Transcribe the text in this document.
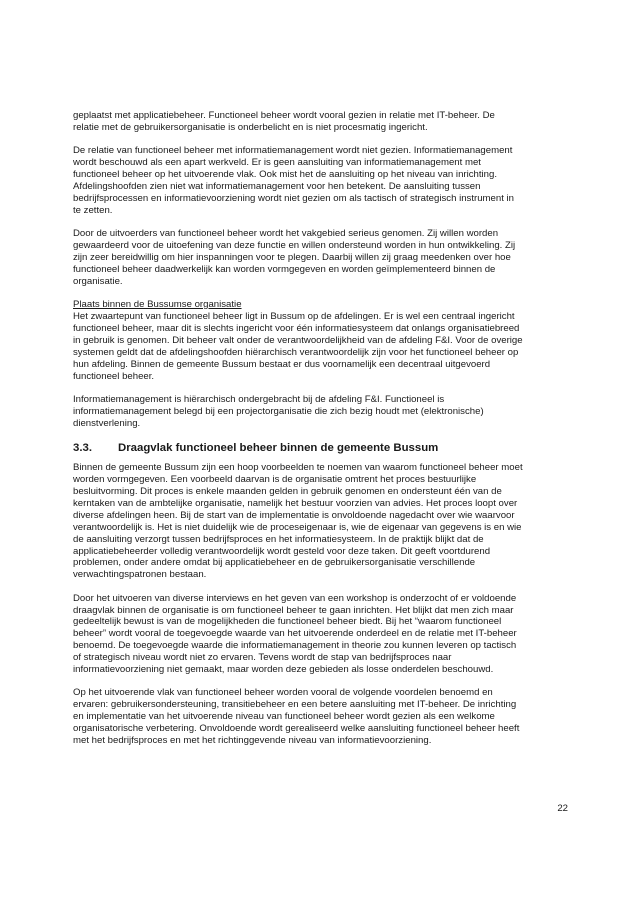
geplaatst met applicatiebeheer. Functioneel beheer wordt vooral gezien in relatie met IT-beheer. De
relatie met de gebruikersorganisatie is onderbelicht en is niet procesmatig ingericht.
De relatie van functioneel beheer met informatiemanagement wordt niet gezien. Informatiemanagement
wordt beschouwd als een apart werkveld. Er is geen aansluiting van informatiemanagement met
functioneel beheer op het uitvoerende vlak. Ook mist het de aansluiting op het niveau van inrichting.
Afdelingshoofden zien niet wat informatiemanagement voor hen betekent. De aansluiting tussen
bedrijfsprocessen en informatievoorziening wordt niet gezien om als tactisch of strategisch instrument in
te zetten.
Door de uitvoerders van functioneel beheer wordt het vakgebied serieus genomen. Zij willen worden
gewaardeerd voor de uitoefening van deze functie en willen ondersteund worden in hun ontwikkeling. Zij
zijn zeer bereidwillig om hier inspanningen voor te plegen. Daarbij willen zij graag meedenken over hoe
functioneel beheer daadwerkelijk kan worden vormgegeven en worden geïmplementeerd binnen de
organisatie.
Plaats binnen de Bussumse organisatie
Het zwaartepunt van functioneel beheer ligt in Bussum op de afdelingen. Er is wel een centraal ingericht
functioneel beheer, maar dit is slechts ingericht voor één informatiesysteem dat onlangs organisatiebreed
in gebruik is genomen. Dit beheer valt onder de verantwoordelijkheid van de afdeling F&I. Voor de overige
systemen geldt dat de afdelingshoofden hiërarchisch verantwoordelijk zijn voor het functioneel beheer op
hun afdeling. Binnen de gemeente Bussum bestaat er dus voornamelijk een decentraal uitgevoerd
functioneel beheer.
Informatiemanagement is hiërarchisch ondergebracht bij de afdeling F&I. Functioneel is
informatiemanagement belegd bij een projectorganisatie die zich bezig houdt met (elektronische)
dienstverlening.
3.3. Draagvlak functioneel beheer binnen de gemeente Bussum
Binnen de gemeente Bussum zijn een hoop voorbeelden te noemen van waarom functioneel beheer moet
worden vormgegeven. Een voorbeeld daarvan is de organisatie omtrent het proces bestuurlijke
besluitvorming. Dit proces is enkele maanden gelden in gebruik genomen en ondersteunt één van de
kerntaken van de ambtelijke organisatie, namelijk het bestuur voorzien van advies. Het proces loopt over
diverse afdelingen heen. Bij de start van de implementatie is onvoldoende nagedacht over wie waarvoor
verantwoordelijk is. Het is niet duidelijk wie de proceseigenaar is, wie de eigenaar van gegevens is en wie
de aansluiting verzorgt tussen bedrijfsproces en het informatiesysteem. In de praktijk blijkt dat de
applicatiebeheerder volledig verantwoordelijk wordt gesteld voor deze taken. Dit geeft voortdurend
problemen, onder andere omdat bij applicatiebeheer en de gebruikersorganisatie verschillende
verwachtingspatronen bestaan.
Door het uitvoeren van diverse interviews en het geven van een workshop is onderzocht of er voldoende
draagvlak binnen de organisatie is om functioneel beheer te gaan inrichten. Het blijkt dat men zich maar
gedeeltelijk bewust is van de mogelijkheden die functioneel beheer biedt. Bij het “waarom functioneel
beheer” wordt vooral de toegevoegde waarde van het uitvoerende onderdeel en de relatie met IT-beheer
benoemd. De toegevoegde waarde die informatiemanagement in theorie zou kunnen leveren op tactisch
of strategisch niveau wordt niet zo ervaren. Tevens wordt de stap van bedrijfsproces naar
informatievoorziening niet gemaakt, maar worden deze gebieden als losse onderdelen beschouwd.
Op het uitvoerende vlak van functioneel beheer worden vooral de volgende voordelen benoemd en
ervaren: gebruikersondersteuning, transitiebeheer en een betere aansluiting met IT-beheer. De inrichting
en implementatie van het uitvoerende niveau van functioneel beheer wordt gezien als een welkome
organisatorische verbetering. Onvoldoende wordt gerealiseerd welke aansluiting functioneel beheer heeft
met het bedrijfsproces en met het richtinggevende niveau van informatievoorziening.
22
